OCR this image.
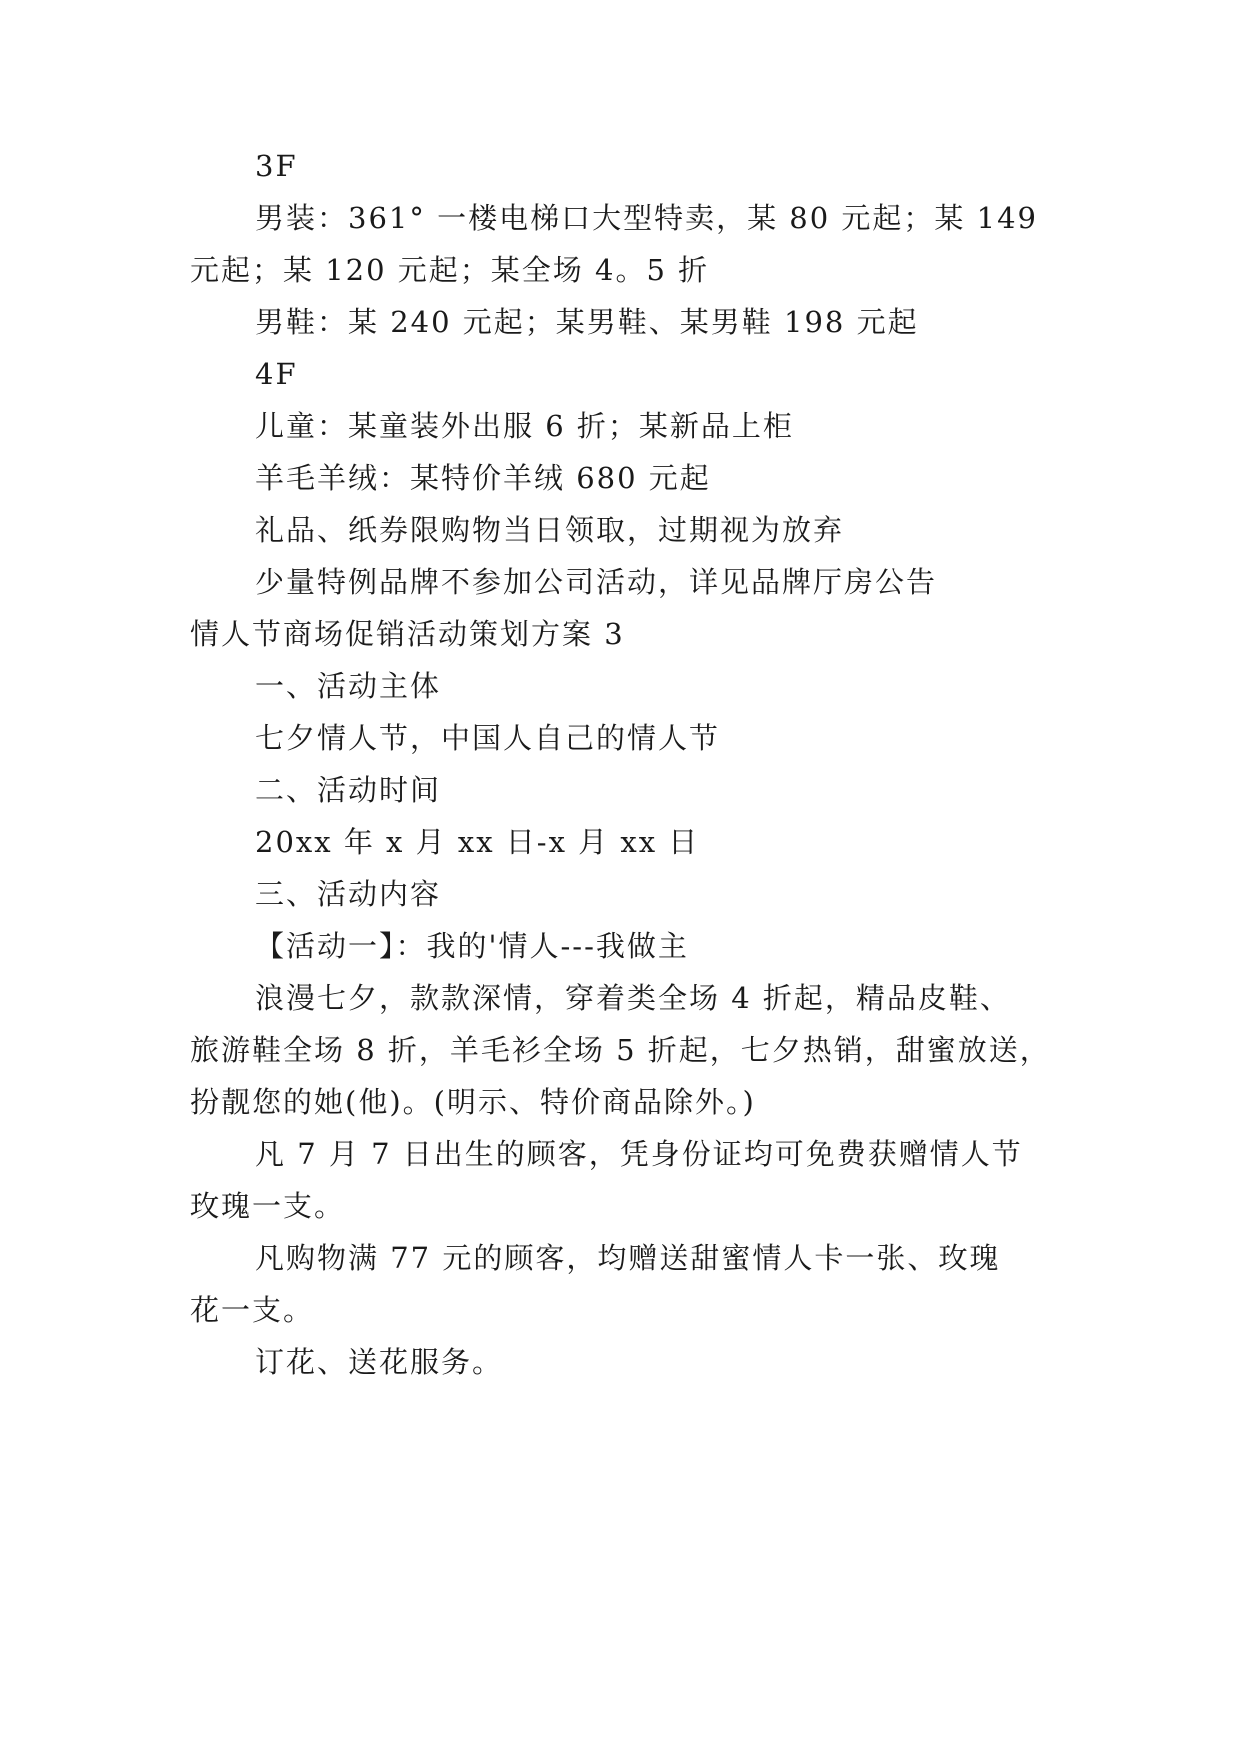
3F
男装：361° 一楼电梯口大型特卖，某 80 元起；某 149
元起；某 120 元起；某全场 4。5 折
男鞋：某 240 元起；某男鞋、某男鞋 198 元起
4F
儿童：某童装外出服 6 折；某新品上柜
羊毛羊绒：某特价羊绒 680 元起
礼品、纸券限购物当日领取，过期视为放弃
少量特例品牌不参加公司活动，详见品牌厅房公告
情人节商场促销活动策划方案 3
一、活动主体
七夕情人节，中国人自己的情人节
二、活动时间
20xx 年 x 月 xx 日-x 月 xx 日
三、活动内容
【活动一】：我的'情人---我做主
浪漫七夕，款款深情，穿着类全场 4 折起，精品皮鞋、
旅游鞋全场 8 折，羊毛衫全场 5 折起，七夕热销，甜蜜放送，
扮靓您的她(他)。(明示、特价商品除外。)
凡 7 月 7 日出生的顾客，凭身份证均可免费获赠情人节
玫瑰一支。
凡购物满 77 元的顾客，均赠送甜蜜情人卡一张、玫瑰
花一支。
订花、送花服务。
